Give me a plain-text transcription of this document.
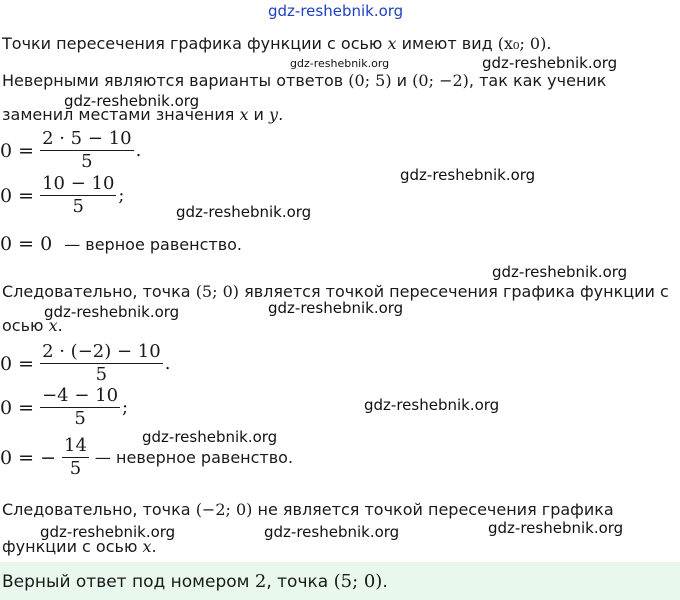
gdz-reshebnik.org
Точки пересечения графика функции с осью x имеют вид (x₀; 0).
gdz-reshebnik.org	gdz-reshebnik.org
Неверными являются варианты ответов (0; 5) и (0; −2), так как ученик
gdz-reshebnik.org
заменил местами значения x и y.
$0 = \frac{2 \cdot 5 - 10}{5}$ .
$0 = \frac{10 - 10}{5}$ ;
gdz-reshebnik.org
gdz-reshebnik.org
0 = 0 — верное равенство.
gdz-reshebnik.org
Следовательно, точка (5; 0) является точкой пересечения графика функции с
gdz-reshebnik.org	gdz-reshebnik.org
осью x.
$0 = \frac{2 \cdot (-2) - 10}{5}$ .
$0 = \frac{-4 - 10}{5}$ ;	gdz-reshebnik.org
gdz-reshebnik.org
0 = − $\frac{14}{5}$ — неверное равенство.
Следовательно, точка (−2; 0) не является точкой пересечения графика
gdz-reshebnik.org	gdz-reshebnik.org	gdz-reshebnik.org
функции с осью x.
Верный ответ под номером 2, точка (5; 0).
